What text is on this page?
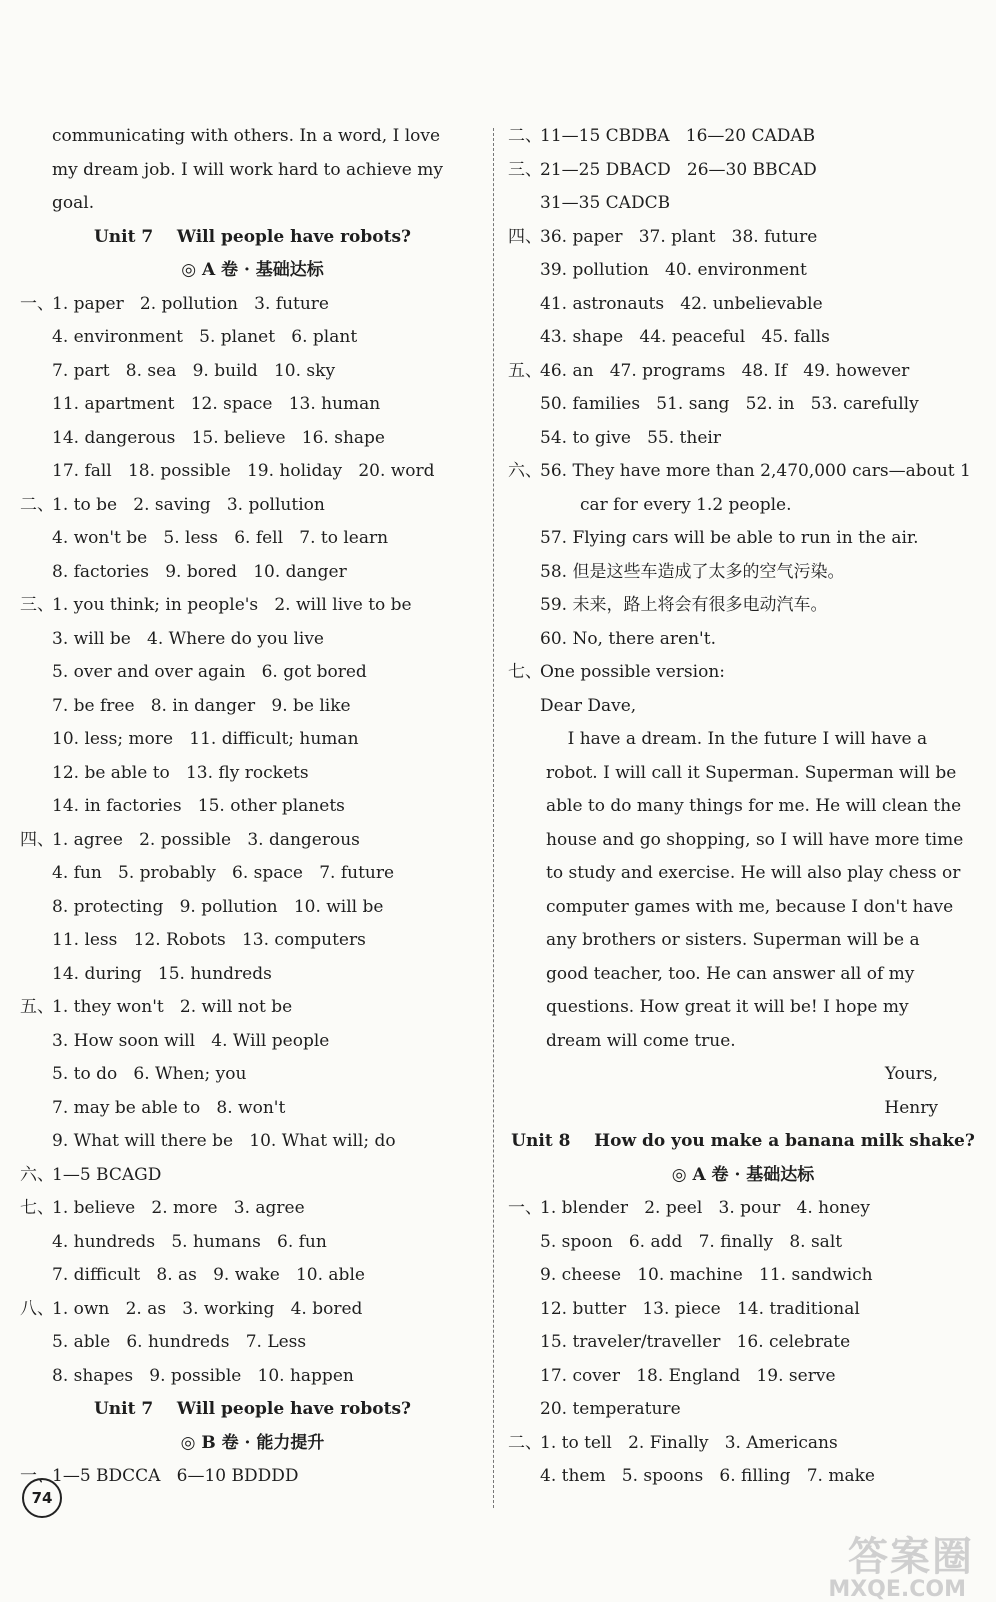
communicating with others. In a word, I love
my dream job. I will work hard to achieve my
goal.
Unit 7    Will people have robots?
◎ A 卷 · 基础达标
一、1. paper   2. pollution   3. future
4. environment   5. planet   6. plant
7. part   8. sea   9. build   10. sky
11. apartment   12. space   13. human
14. dangerous   15. believe   16. shape
17. fall   18. possible   19. holiday   20. word
二、1. to be   2. saving   3. pollution
4. won't be   5. less   6. fell   7. to learn
8. factories   9. bored   10. danger
三、1. you think; in people's   2. will live to be
3. will be   4. Where do you live
5. over and over again   6. got bored
7. be free   8. in danger   9. be like
10. less; more   11. difficult; human
12. be able to   13. fly rockets
14. in factories   15. other planets
四、1. agree   2. possible   3. dangerous
4. fun   5. probably   6. space   7. future
8. protecting   9. pollution   10. will be
11. less   12. Robots   13. computers
14. during   15. hundreds
五、1. they won't   2. will not be
3. How soon will   4. Will people
5. to do   6. When; you
7. may be able to   8. won't
9. What will there be   10. What will; do
六、1—5 BCAGD
七、1. believe   2. more   3. agree
4. hundreds   5. humans   6. fun
7. difficult   8. as   9. wake   10. able
八、1. own   2. as   3. working   4. bored
5. able   6. hundreds   7. Less
8. shapes   9. possible   10. happen
Unit 7    Will people have robots?
◎ B 卷 · 能力提升
一、1—5 BDCCA   6—10 BDDDD
二、11—15 CBDBA   16—20 CADAB
三、21—25 DBACD   26—30 BBCAD
31—35 CADCB
四、36. paper   37. plant   38. future
39. pollution   40. environment
41. astronauts   42. unbelievable
43. shape   44. peaceful   45. falls
五、46. an   47. programs   48. If   49. however
50. families   51. sang   52. in   53. carefully
54. to give   55. their
六、56. They have more than 2,470,000 cars—about 1
car for every 1.2 people.
57. Flying cars will be able to run in the air.
58. 但是这些车造成了太多的空气污染。
59. 未来，路上将会有很多电动汽车。
60. No, there aren't.
七、One possible version:
Dear Dave,
I have a dream. In the future I will have a
robot. I will call it Superman. Superman will be
able to do many things for me. He will clean the
house and go shopping, so I will have more time
to study and exercise. He will also play chess or
computer games with me, because I don't have
any brothers or sisters. Superman will be a
good teacher, too. He can answer all of my
questions. How great it will be! I hope my
dream will come true.
Yours,
Henry
Unit 8    How do you make a banana milk shake?
◎ A 卷 · 基础达标
一、1. blender   2. peel   3. pour   4. honey
5. spoon   6. add   7. finally   8. salt
9. cheese   10. machine   11. sandwich
12. butter   13. piece   14. traditional
15. traveler/traveller   16. celebrate
17. cover   18. England   19. serve
20. temperature
二、1. to tell   2. Finally   3. Americans
4. them   5. spoons   6. filling   7. make
74
答案圈
MXQE.COM
